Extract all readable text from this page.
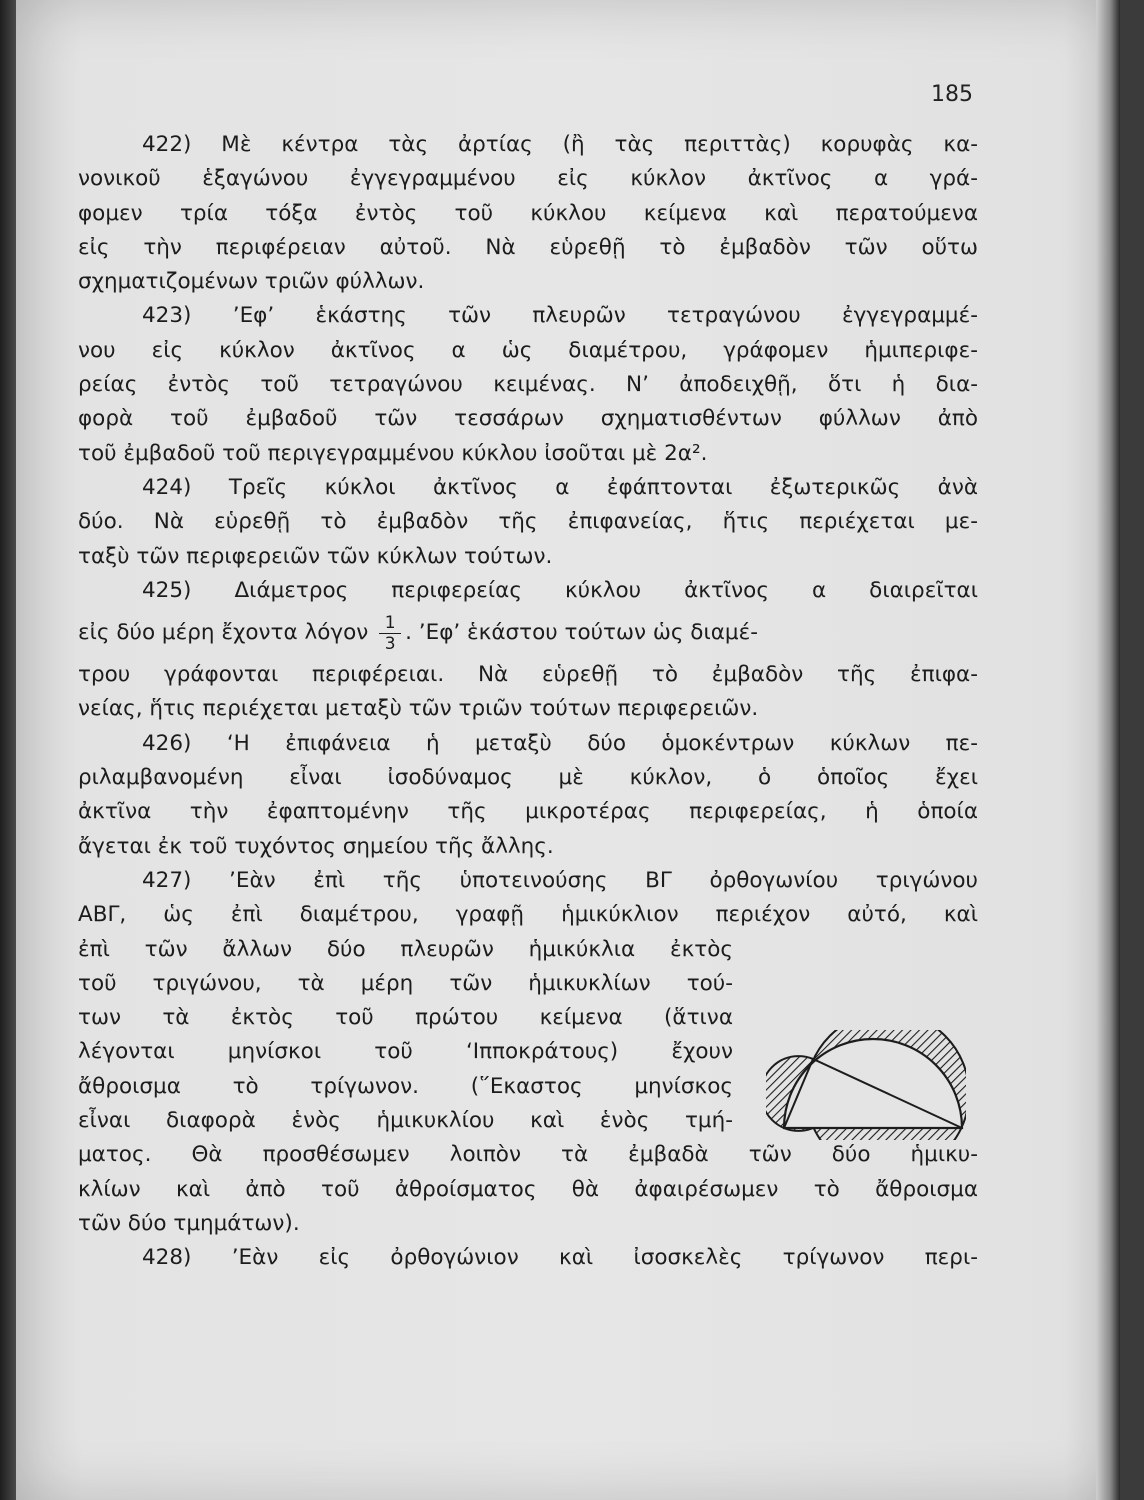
185
422) Μὲ κέντρα τὰς ἀρτίας (ἢ τὰς περιττὰς) κορυφὰς κα-
νονικοῦ ἑξαγώνου ἐγγεγραμμένου εἰς κύκλον ἀκτῖνος α γρά-
φομεν τρία τόξα ἐντὸς τοῦ κύκλου κείμενα καὶ περατούμενα
εἰς τὴν περιφέρειαν αὐτοῦ. Νὰ εὑρεθῇ τὸ ἐμβαδὸν τῶν οὕτω
σχηματιζομένων τριῶν φύλλων.
423) ’Εφ’ ἑκάστης τῶν πλευρῶν τετραγώνου ἐγγεγραμμέ-
νου εἰς κύκλον ἀκτῖνος α ὡς διαμέτρου, γράφομεν ἡμιπεριφε-
ρείας ἐντὸς τοῦ τετραγώνου κειμένας. Ν’ ἀποδειχθῇ, ὅτι ἡ δια-
φορὰ τοῦ ἐμβαδοῦ τῶν τεσσάρων σχηματισθέντων φύλλων ἀπὸ
τοῦ ἐμβαδοῦ τοῦ περιγεγραμμένου κύκλου ἰσοῦται μὲ 2α².
424) Τρεῖς κύκλοι ἀκτῖνος α ἐφάπτονται ἐξωτερικῶς ἀνὰ
δύο. Νὰ εὑρεθῇ τὸ ἐμβαδὸν τῆς ἐπιφανείας, ἥτις περιέχεται με-
ταξὺ τῶν περιφερειῶν τῶν κύκλων τούτων.
425) Διάμετρος περιφερείας κύκλου ἀκτῖνος α διαιρεῖται
εἰς δύο μέρη ἔχοντα λόγον $\frac{1}{3}$ . ’Εφ’ ἑκάστου τούτων ὡς διαμέ-
τρου γράφονται περιφέρειαι. Νὰ εὑρεθῇ τὸ ἐμβαδὸν τῆς ἐπιφα-
νείας, ἥτις περιέχεται μεταξὺ τῶν τριῶν τούτων περιφερειῶν.
426) ‘Η ἐπιφάνεια ἡ μεταξὺ δύο ὁμοκέντρων κύκλων πε-
ριλαμβανομένη εἶναι ἰσοδύναμος μὲ κύκλον, ὁ ὁποῖος ἔχει
ἀκτῖνα τὴν ἐφαπτομένην τῆς μικροτέρας περιφερείας, ἡ ὁποία
ἄγεται ἐκ τοῦ τυχόντος σημείου τῆς ἄλλης.
427) ’Εὰν ἐπὶ τῆς ὑποτεινούσης ΒΓ ὀρθογωνίου τριγώνου
ΑΒΓ, ὡς ἐπὶ διαμέτρου, γραφῇ ἡμικύκλιον περιέχον αὐτό, καὶ
ἐπὶ τῶν ἄλλων δύο πλευρῶν ἡμικύκλια ἐκτὸς
τοῦ τριγώνου, τὰ μέρη τῶν ἡμικυκλίων τού-
των τὰ ἐκτὸς τοῦ πρώτου κείμενα (ἅτινα
λέγονται μηνίσκοι τοῦ ‘Ιπποκράτους) ἔχουν
ἄθροισμα τὸ τρίγωνον. (῞Εκαστος μηνίσκος
εἶναι διαφορὰ ἑνὸς ἡμικυκλίου καὶ ἑνὸς τμή-
ματος. Θὰ προσθέσωμεν λοιπὸν τὰ ἐμβαδὰ τῶν δύο ἡμικυ-
κλίων καὶ ἀπὸ τοῦ ἀθροίσματος θὰ ἀφαιρέσωμεν τὸ ἄθροισμα
τῶν δύο τμημάτων).
428) ’Εὰν εἰς ὀρθογώνιον καὶ ἰσοσκελὲς τρίγωνον περι-
